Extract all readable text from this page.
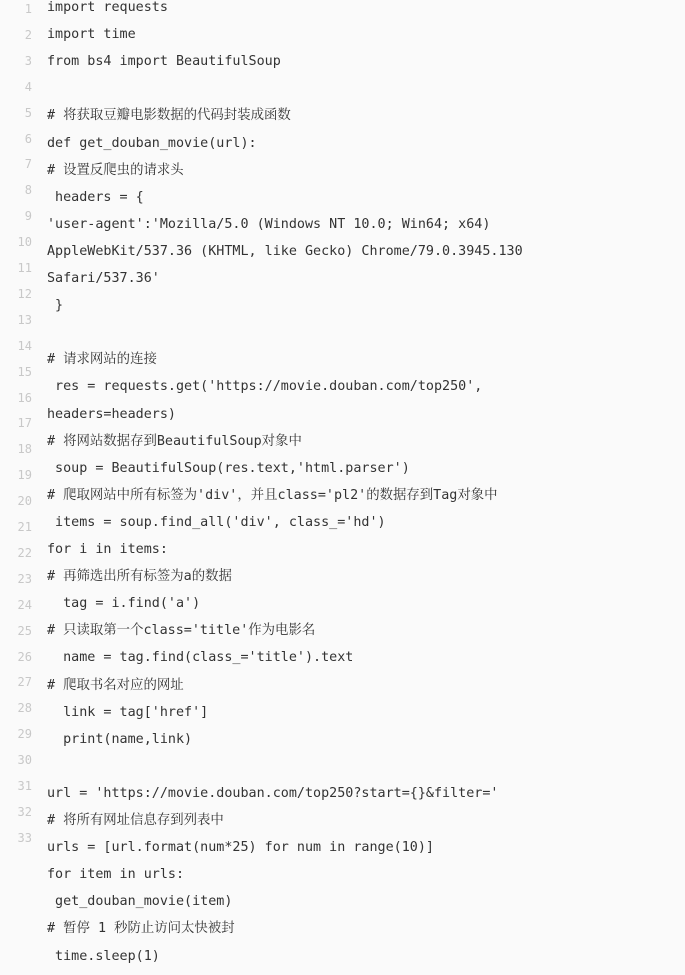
1
2
3
4
5
6
7
8
9
10
11
12
13
14
15
16
17
18
19
20
21
22
23
24
25
26
27
28
29
30
31
32
33
import requests
import time
from bs4 import BeautifulSoup
# 将获取豆瓣电影数据的代码封装成函数
def get_douban_movie(url):
# 设置反爬虫的请求头
headers = {
'user-agent':'Mozilla/5.0 (Windows NT 10.0; Win64; x64)
AppleWebKit/537.36 (KHTML, like Gecko) Chrome/79.0.3945.130
Safari/537.36'
}
# 请求网站的连接
res = requests.get('https://movie.douban.com/top250',
headers=headers)
# 将网站数据存到BeautifulSoup对象中
soup = BeautifulSoup(res.text,'html.parser')
# 爬取网站中所有标签为'div'，并且class='pl2'的数据存到Tag对象中
items = soup.find_all('div', class_='hd')
for i in items:
# 再筛选出所有标签为a的数据
tag = i.find('a')
# 只读取第一个class='title'作为电影名
name = tag.find(class_='title').text
# 爬取书名对应的网址
link = tag['href']
print(name,link)
url = 'https://movie.douban.com/top250?start={}&filter='
# 将所有网址信息存到列表中
urls = [url.format(num*25) for num in range(10)]
for item in urls:
get_douban_movie(item)
# 暂停 1 秒防止访问太快被封
time.sleep(1)
